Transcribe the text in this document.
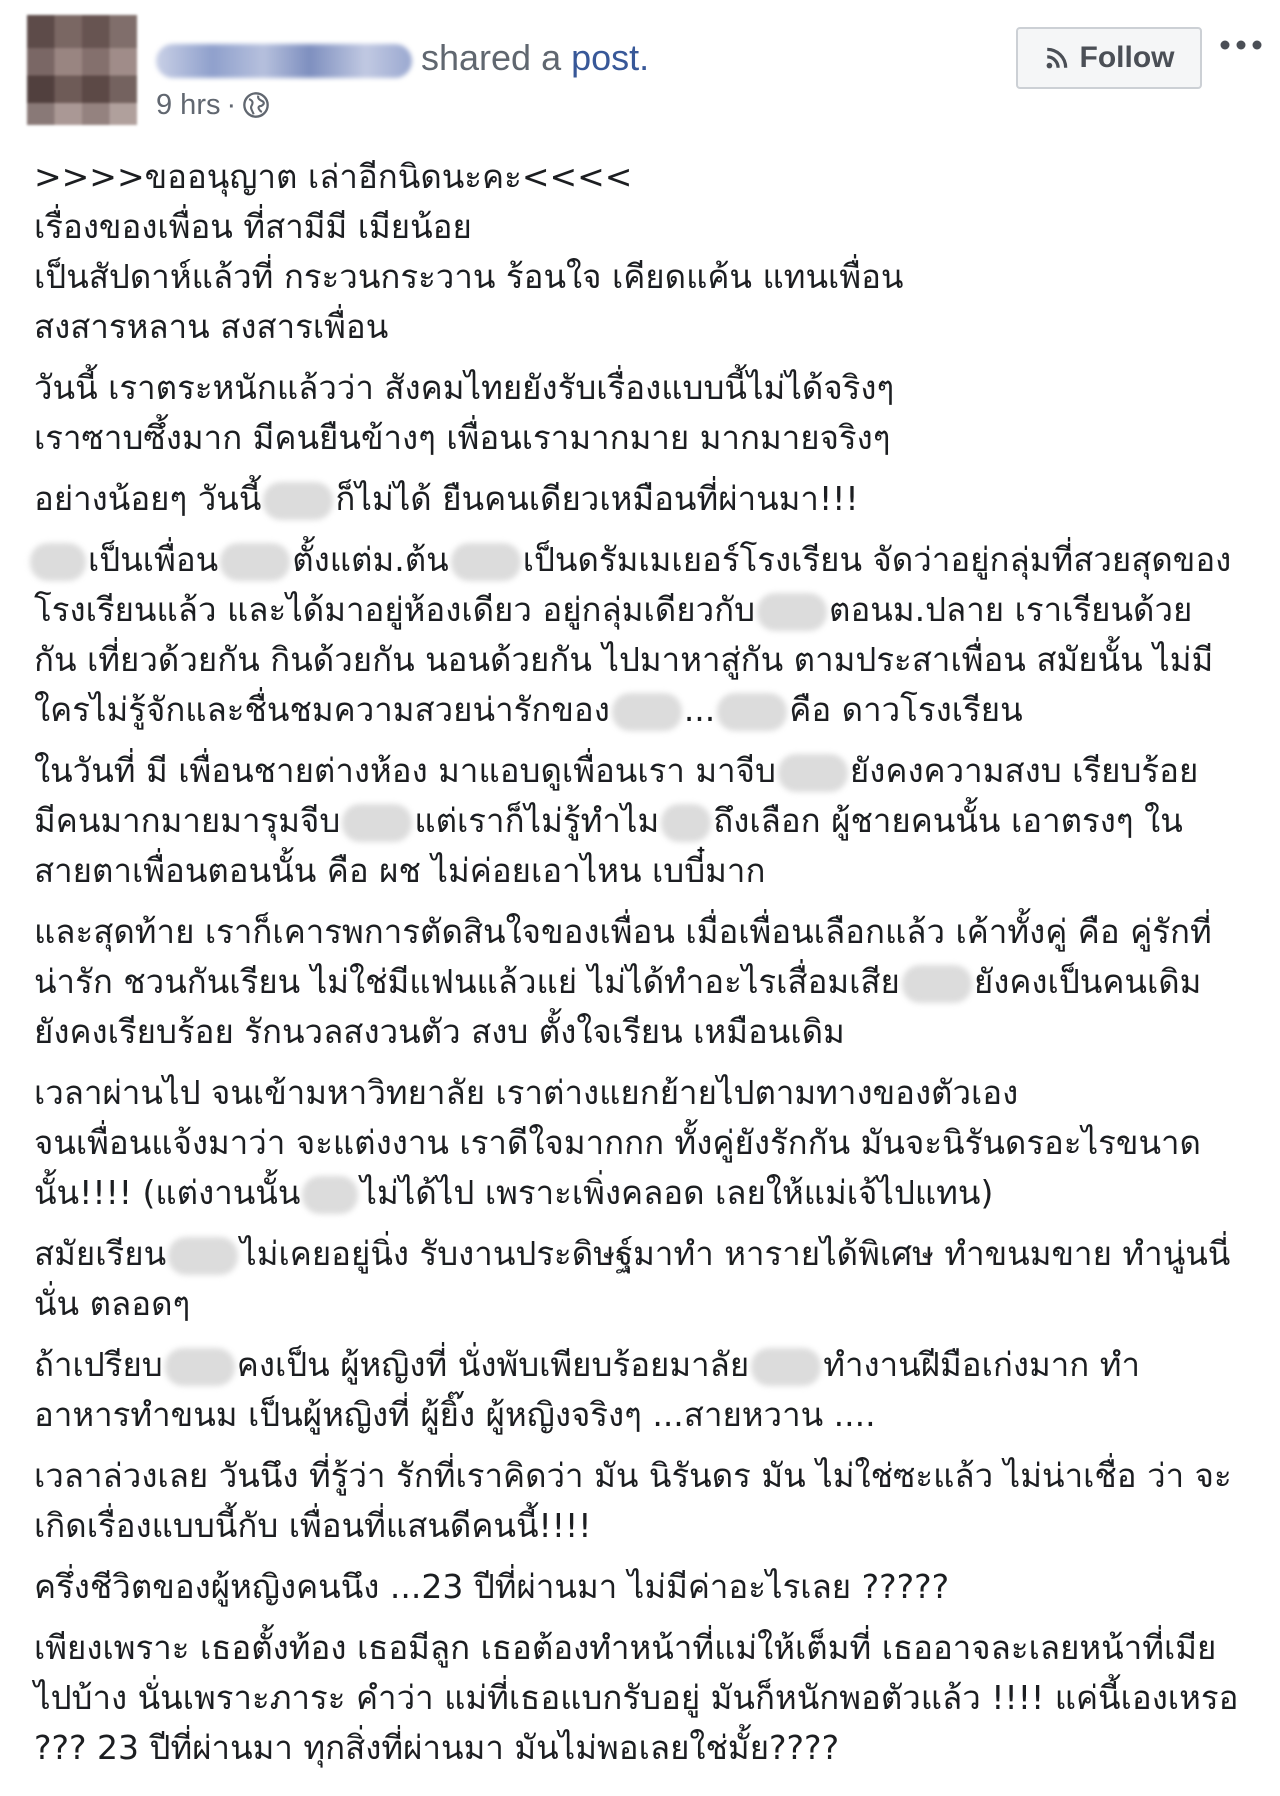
shared a post.
9 hrs ·
Follow

>>>>ขออนุญาต เล่าอีกนิดนะคะ<<<<
เรื่องของเพื่อน ที่สามีมี เมียน้อย
เป็นสัปดาห์แล้วที่ กระวนกระวาน ร้อนใจ เคียดแค้น แทนเพื่อน
สงสารหลาน สงสารเพื่อน

วันนี้ เราตระหนักแล้วว่า สังคมไทยยังรับเรื่องแบบนี้ไม่ได้จริงๆ
เราซาบซึ้งมาก มีคนยืนข้างๆ เพื่อนเรามากมาย มากมายจริงๆ

อย่างน้อยๆ วันนี้ ก็ไม่ได้ ยืนคนเดียวเหมือนที่ผ่านมา!!!

เป็นเพื่อน ตั้งแต่ม.ต้น เป็นดรัมเมเยอร์โรงเรียน จัดว่าอยู่กลุ่มที่สวยสุดของ
โรงเรียนแล้ว และได้มาอยู่ห้องเดียว อยู่กลุ่มเดียวกับ ตอนม.ปลาย เราเรียนด้วย
กัน เที่ยวด้วยกัน กินด้วยกัน นอนด้วยกัน ไปมาหาสู่กัน ตามประสาเพื่อน สมัยนั้น ไม่มี
ใครไม่รู้จักและชื่นชมความสวยน่ารักของ ... คือ ดาวโรงเรียน

ในวันที่ มี เพื่อนชายต่างห้อง มาแอบดูเพื่อนเรา มาจีบ ยังคงความสงบ เรียบร้อย
มีคนมากมายมารุมจีบ แต่เราก็ไม่รู้ทำไม ถึงเลือก ผู้ชายคนนั้น เอาตรงๆ ใน
สายตาเพื่อนตอนนั้น คือ ผช ไม่ค่อยเอาไหน เบบี๋มาก

และสุดท้าย เราก็เคารพการตัดสินใจของเพื่อน เมื่อเพื่อนเลือกแล้ว เค้าทั้งคู่ คือ คู่รักที่
น่ารัก ชวนกันเรียน ไม่ใช่มีแฟนแล้วแย่ ไม่ได้ทำอะไรเสื่อมเสีย ยังคงเป็นคนเดิม
ยังคงเรียบร้อย รักนวลสงวนตัว สงบ ตั้งใจเรียน เหมือนเดิม

เวลาผ่านไป จนเข้ามหาวิทยาลัย เราต่างแยกย้ายไปตามทางของตัวเอง
จนเพื่อนแจ้งมาว่า จะแต่งงาน เราดีใจมากกก ทั้งคู่ยังรักกัน มันจะนิรันดรอะไรขนาด
นั้น!!!! (แต่งานนั้น ไม่ได้ไป เพราะเพิ่งคลอด เลยให้แม่เจ้ไปแทน)

สมัยเรียน ไม่เคยอยู่นิ่ง รับงานประดิษฐ์มาทำ หารายได้พิเศษ ทำขนมขาย ทำนู่นนี่
นั่น ตลอดๆ

ถ้าเปรียบ คงเป็น ผู้หญิงที่ นั่งพับเพียบร้อยมาลัย ทำงานฝีมือเก่งมาก ทำ
อาหารทำขนม เป็นผู้หญิงที่ ผู้ยิ๊ง ผู้หญิงจริงๆ ...สายหวาน ....

เวลาล่วงเลย วันนึง ที่รู้ว่า รักที่เราคิดว่า มัน นิรันดร มัน ไม่ใช่ซะแล้ว ไม่น่าเชื่อ ว่า จะ
เกิดเรื่องแบบนี้กับ เพื่อนที่แสนดีคนนี้!!!!

ครึ่งชีวิตของผู้หญิงคนนึง ...23 ปีที่ผ่านมา ไม่มีค่าอะไรเลย ?????

เพียงเพราะ เธอตั้งท้อง เธอมีลูก เธอต้องทำหน้าที่แม่ให้เต็มที่ เธออาจละเลยหน้าที่เมีย
ไปบ้าง นั่นเพราะภาระ คำว่า แม่ที่เธอแบกรับอยู่ มันก็หนักพอตัวแล้ว !!!! แค่นี้เองเหรอ
??? 23 ปีที่ผ่านมา ทุกสิ่งที่ผ่านมา มันไม่พอเลยใช่มั้ย????
